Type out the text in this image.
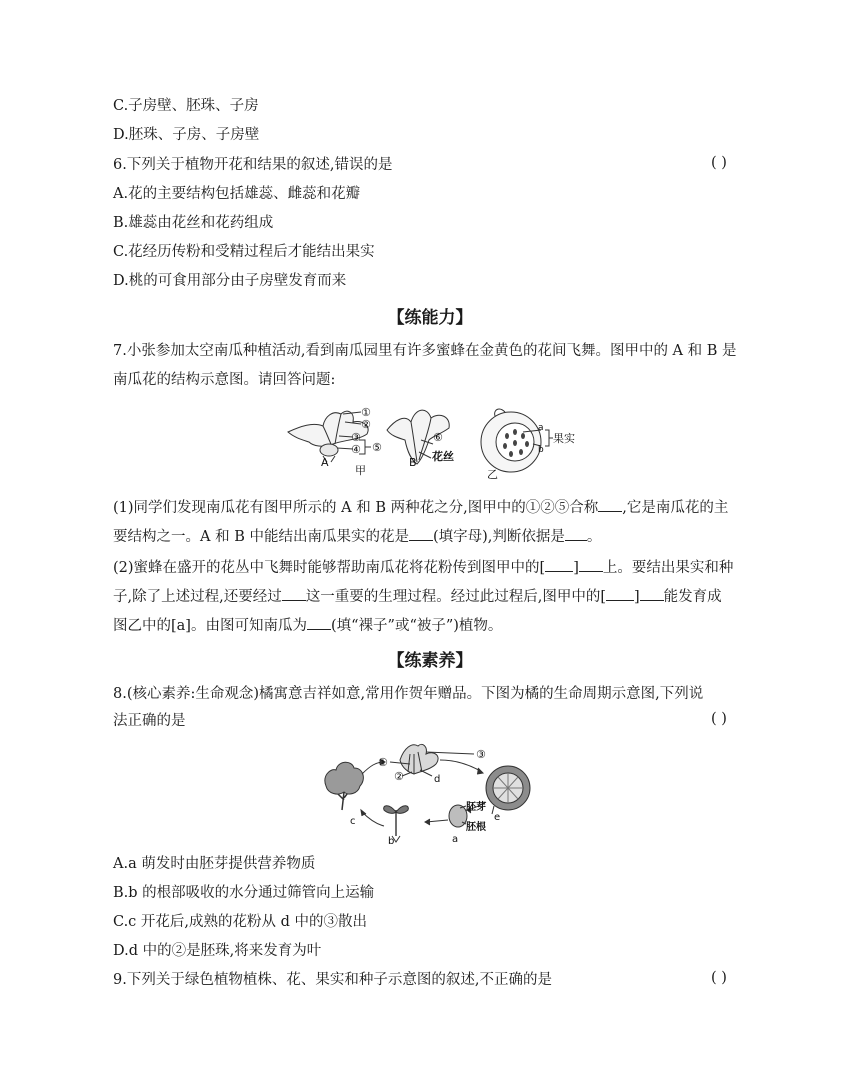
C.子房壁、胚珠、子房
D.胚珠、子房、子房壁
6.下列关于植物开花和结果的叙述,错误的是	( )
A.花的主要结构包括雄蕊、雌蕊和花瓣
B.雄蕊由花丝和花药组成
C.花经历传粉和受精过程后才能结出果实
D.桃的可食用部分由子房壁发育而来
【练能力】
7.小张参加太空南瓜种植活动,看到南瓜园里有许多蜜蜂在金黄色的花间飞舞。图甲中的 A 和 B 是
南瓜花的结构示意图。请回答问题:
①
②
③
④ ⑤
⑥
A
甲
B 花丝
乙
a
b
果实
(1)同学们发现南瓜花有图甲所示的 A 和 B 两种花之分,图甲中的①②⑤合称 ,它是南瓜花的主
要结构之一。A 和 B 中能结出南瓜果实的花是 (填字母),判断依据是 。
(2)蜜蜂在盛开的花丛中飞舞时能够帮助南瓜花将花粉传到图甲中的[ ] 上。要结出果实和种
子,除了上述过程,还要经过 这一重要的生理过程。经过此过程后,图甲中的[ ] 能发育成
图乙中的[a]。由图可知南瓜为 (填“裸子”或“被子”)植物。
【练素养】
8.(核心素养:生命观念)橘寓意吉祥如意,常用作贺年赠品。下图为橘的生命周期示意图,下列说
法正确的是	( )
①
②
③
d
c
b	a
e
胚芽
胚根
A.a 萌发时由胚芽提供营养物质
B.b 的根部吸收的水分通过筛管向上运输
C.c 开花后,成熟的花粉从 d 中的③散出
D.d 中的②是胚珠,将来发育为叶
9.下列关于绿色植物植株、花、果实和种子示意图的叙述,不正确的是	( )
